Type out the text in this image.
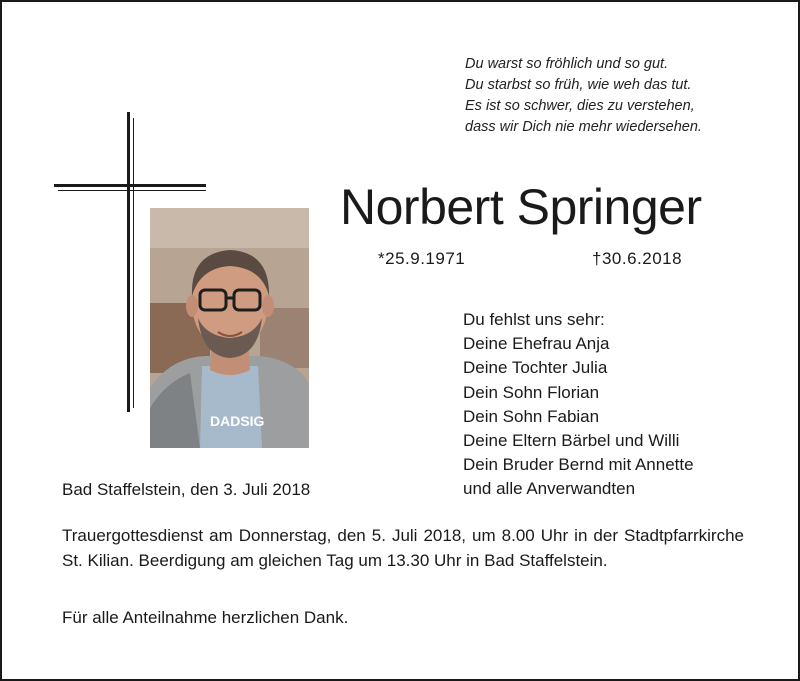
Du warst so fröhlich und so gut.
Du starbst so früh, wie weh das tut.
Es ist so schwer, dies zu verstehen,
dass wir Dich nie mehr wiedersehen.
DADSIG
Norbert Springer
*25.9.1971	†30.6.2018
Du fehlst uns sehr:
Deine Ehefrau Anja
Deine Tochter Julia
Dein Sohn Florian
Dein Sohn Fabian
Deine Eltern Bärbel und Willi
Dein Bruder Bernd mit Annette
und alle Anverwandten
Bad Staffelstein, den 3. Juli 2018
Trauergottesdienst am Donnerstag, den 5. Juli 2018, um 8.00 Uhr in der Stadtpfarrkirche St. Kilian. Beerdigung am gleichen Tag um 13.30 Uhr in Bad Staffelstein.
Für alle Anteilnahme herzlichen Dank.
